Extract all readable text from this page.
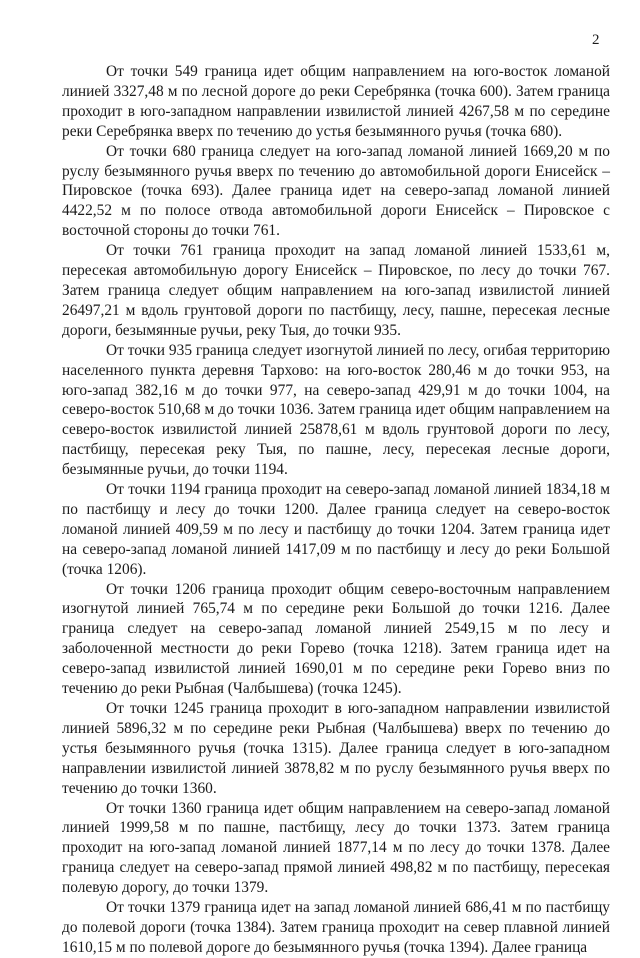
2

От точки 549 граница идет общим направлением на юго-восток ломаной линией 3327,48 м по лесной дороге до реки Серебрянка (точка 600). Затем граница проходит в юго-западном направлении извилистой линией 4267,58 м по середине реки Серебрянка вверх по течению до устья безымянного ручья (точка 680).

От точки 680 граница следует на юго-запад ломаной линией 1669,20 м по руслу безымянного ручья вверх по течению до автомобильной дороги Енисейск – Пировское (точка 693). Далее граница идет на северо-запад ломаной линией 4422,52 м по полосе отвода автомобильной дороги Енисейск – Пировское с восточной стороны до точки 761.

От точки 761 граница проходит на запад ломаной линией 1533,61 м, пересекая автомобильную дорогу Енисейск – Пировское, по лесу до точки 767. Затем граница следует общим направлением на юго-запад извилистой линией 26497,21 м вдоль грунтовой дороги по пастбищу, лесу, пашне, пересекая лесные дороги, безымянные ручьи, реку Тыя, до точки 935.

От точки 935 граница следует изогнутой линией по лесу, огибая территорию населенного пункта деревня Тархово: на юго-восток 280,46 м до точки 953, на юго-запад 382,16 м до точки 977, на северо-запад 429,91 м до точки 1004, на северо-восток 510,68 м до точки 1036. Затем граница идет общим направлением на северо-восток извилистой линией 25878,61 м вдоль грунтовой дороги по лесу, пастбищу, пересекая реку Тыя, по пашне, лесу, пересекая лесные дороги, безымянные ручьи, до точки 1194.

От точки 1194 граница проходит на северо-запад ломаной линией 1834,18 м по пастбищу и лесу до точки 1200. Далее граница следует на северо-восток ломаной линией 409,59 м по лесу и пастбищу до точки 1204. Затем граница идет на северо-запад ломаной линией 1417,09 м по пастбищу и лесу до реки Большой (точка 1206).

От точки 1206 граница проходит общим северо-восточным направлением изогнутой линией 765,74 м по середине реки Большой до точки 1216. Далее граница следует на северо-запад ломаной линией 2549,15 м по лесу и заболоченной местности до реки Горево (точка 1218). Затем граница идет на северо-запад извилистой линией 1690,01 м по середине реки Горево вниз по течению до реки Рыбная (Чалбышева) (точка 1245).

От точки 1245 граница проходит в юго-западном направлении извилистой линией 5896,32 м по середине реки Рыбная (Чалбышева) вверх по течению до устья безымянного ручья (точка 1315). Далее граница следует в юго-западном направлении извилистой линией 3878,82 м по руслу безымянного ручья вверх по течению до точки 1360.

От точки 1360 граница идет общим направлением на северо-запад ломаной линией 1999,58 м по пашне, пастбищу, лесу до точки 1373. Затем граница проходит на юго-запад ломаной линией 1877,14 м по лесу до точки 1378. Далее граница следует на северо-запад прямой линией 498,82 м по пастбищу, пересекая полевую дорогу, до точки 1379.

От точки 1379 граница идет на запад ломаной линией 686,41 м по пастбищу до полевой дороги (точка 1384). Затем граница проходит на север плавной линией 1610,15 м по полевой дороге до безымянного ручья (точка 1394). Далее граница
